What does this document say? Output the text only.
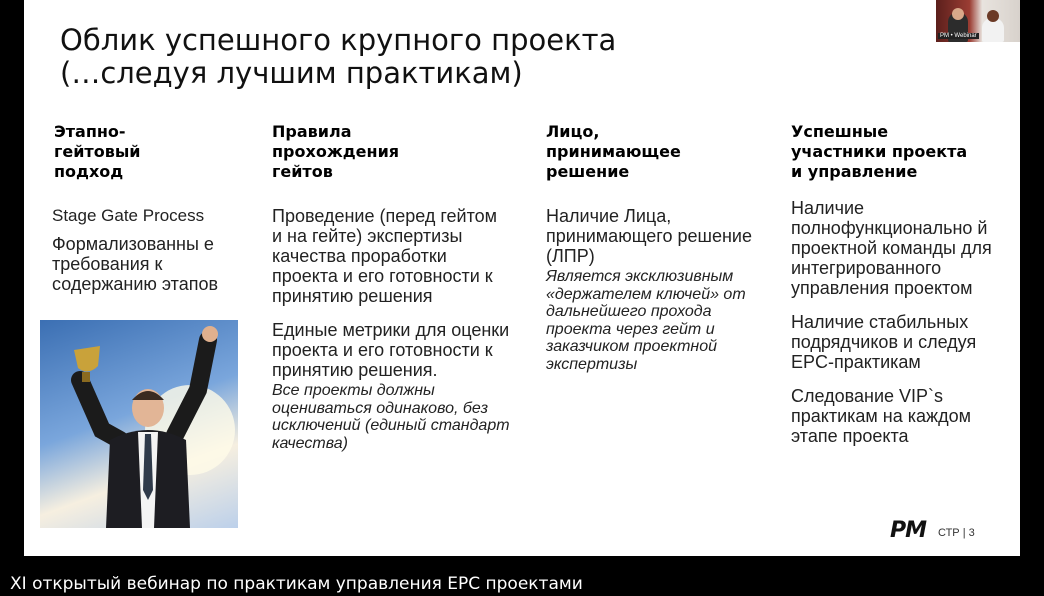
Облик успешного крупного проекта
(…следуя лучшим практикам)
Этапно-
гейтовый
подход

Stage Gate Process

Формализованны е требования к содержанию этапов

Правила
прохождения
гейтов

Проведение (перед гейтом и на гейте) экспертизы качества проработки проекта и его готовности к принятию решения

Единые метрики для оценки проекта и его готовности к принятию решения.

Все проекты должны оцениваться одинаково, без исключений (единый стандарт качества)

Лицо,
принимающее
решение

Наличие Лица, принимающего решение (ЛПР)

Является эксклюзивным «держателем ключей» от дальнейшего прохода проекта через гейт и заказчиком проектной экспертизы

Успешные
участники проекта
и управление

Наличие полнофункционально й проектной команды для интегрированного управления проектом

Наличие стабильных подрядчиков и следуя EPC-практикам

Следование VIP`s практикам на каждом этапе проекта

PM СТР | 3
PM • Webinar
XI открытый вебинар по практикам управления EPC проектами
